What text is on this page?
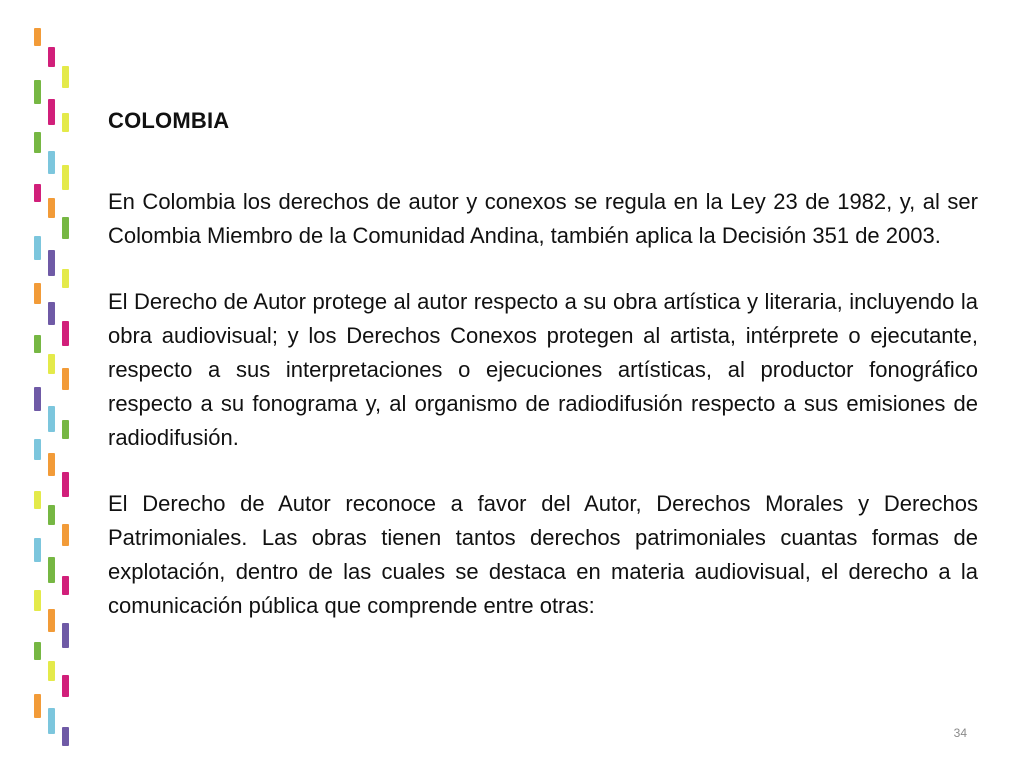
COLOMBIA

En Colombia los derechos de autor y conexos se regula en la Ley 23 de 1982, y, al ser Colombia Miembro de la Comunidad Andina, también aplica la Decisión 351 de 2003.

El Derecho de Autor protege al autor respecto a su obra artística y literaria, incluyendo la obra audiovisual; y los Derechos Conexos protegen al artista, intérprete o ejecutante, respecto a sus interpretaciones o ejecuciones artísticas, al productor fonográfico respecto a su fonograma y, al organismo de radiodifusión respecto a sus emisiones de radiodifusión.

El Derecho de Autor reconoce a favor del Autor, Derechos Morales y Derechos Patrimoniales. Las obras tienen tantos derechos patrimoniales cuantas formas de explotación, dentro de las cuales se destaca en materia audiovisual, el derecho a la comunicación pública que comprende entre otras:

34
